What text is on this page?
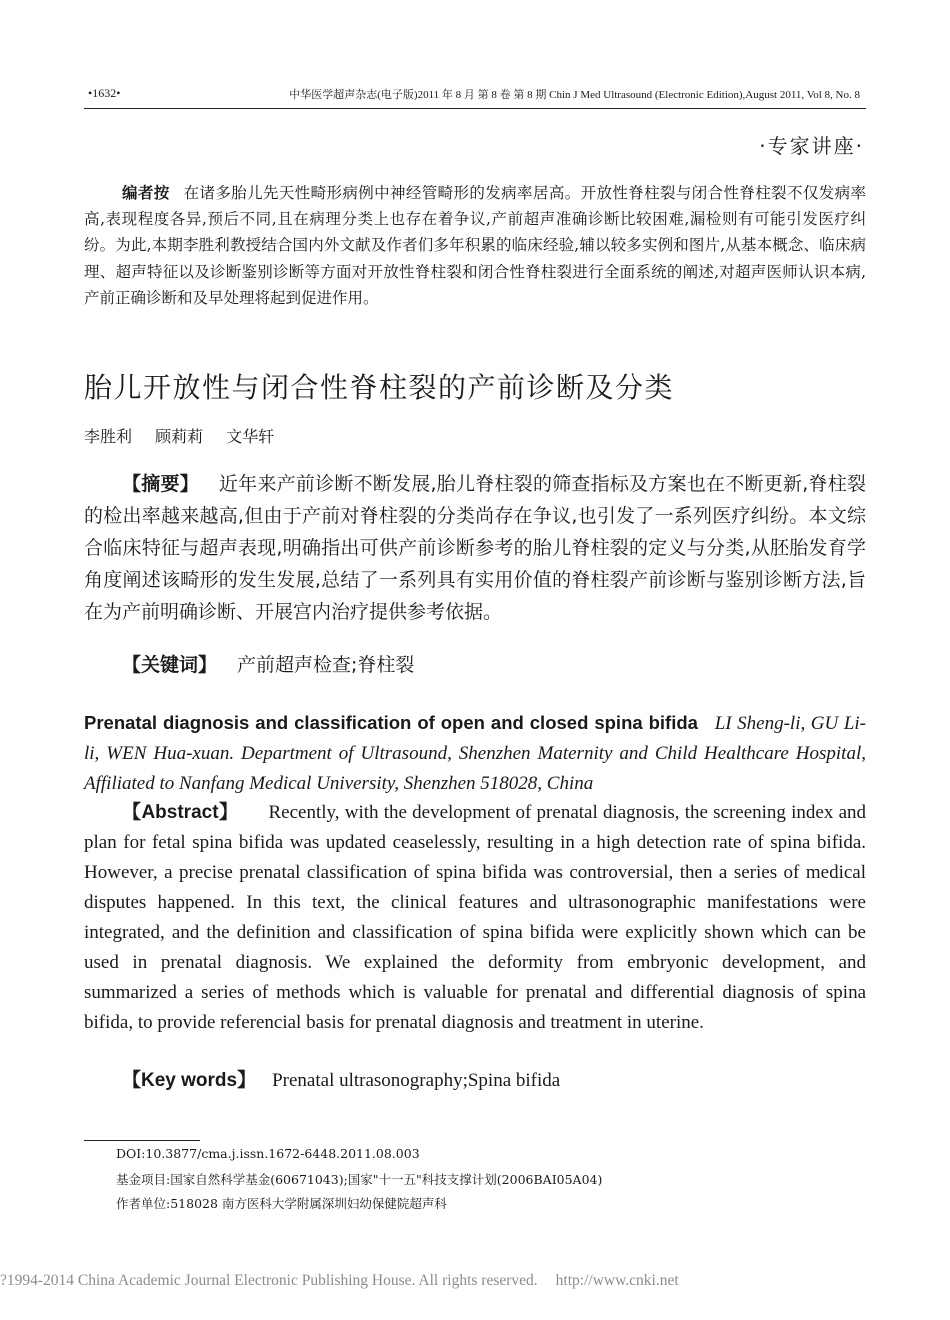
•1632•	中华医学超声杂志(电子版)2011 年 8 月 第 8 卷 第 8 期 Chin J Med Ultrasound (Electronic Edition),August 2011, Vol 8, No. 8
·专家讲座·
编者按 在诸多胎儿先天性畸形病例中神经管畸形的发病率居高。开放性脊柱裂与闭合性脊柱裂不仅发病率高,表现程度各异,预后不同,且在病理分类上也存在着争议,产前超声准确诊断比较困难,漏检则有可能引发医疗纠纷。为此,本期李胜利教授结合国内外文献及作者们多年积累的临床经验,辅以较多实例和图片,从基本概念、临床病理、超声特征以及诊断鉴别诊断等方面对开放性脊柱裂和闭合性脊柱裂进行全面系统的阐述,对超声医师认识本病,产前正确诊断和及早处理将起到促进作用。
胎儿开放性与闭合性脊柱裂的产前诊断及分类
李胜利 顾莉莉 文华轩
【摘要】 近年来产前诊断不断发展,胎儿脊柱裂的筛查指标及方案也在不断更新,脊柱裂的检出率越来越高,但由于产前对脊柱裂的分类尚存在争议,也引发了一系列医疗纠纷。本文综合临床特征与超声表现,明确指出可供产前诊断参考的胎儿脊柱裂的定义与分类,从胚胎发育学角度阐述该畸形的发生发展,总结了一系列具有实用价值的脊柱裂产前诊断与鉴别诊断方法,旨在为产前明确诊断、开展宫内治疗提供参考依据。
【关键词】 产前超声检查;脊柱裂
Prenatal diagnosis and classification of open and closed spina bifida LI Sheng-li, GU Li-li, WEN Hua-xuan. Department of Ultrasound, Shenzhen Maternity and Child Healthcare Hospital, Affiliated to Nanfang Medical University, Shenzhen 518028, China
【Abstract】 Recently, with the development of prenatal diagnosis, the screening index and plan for fetal spina bifida was updated ceaselessly, resulting in a high detection rate of spina bifida. However, a precise prenatal classification of spina bifida was controversial, then a series of medical disputes happened. In this text, the clinical features and ultrasonographic manifestations were integrated, and the definition and classification of spina bifida were explicitly shown which can be used in prenatal diagnosis. We explained the deformity from embryonic development, and summarized a series of methods which is valuable for prenatal and differential diagnosis of spina bifida, to provide referencial basis for prenatal diagnosis and treatment in uterine.
【Key words】 Prenatal ultrasonography;Spina bifida
DOI:10.3877/cma.j.issn.1672-6448.2011.08.003
基金项目:国家自然科学基金(60671043);国家"十一五"科技支撑计划(2006BAI05A04)
作者单位:518028 南方医科大学附属深圳妇幼保健院超声科
?1994-2014 China Academic Journal Electronic Publishing House. All rights reserved. http://www.cnki.net
